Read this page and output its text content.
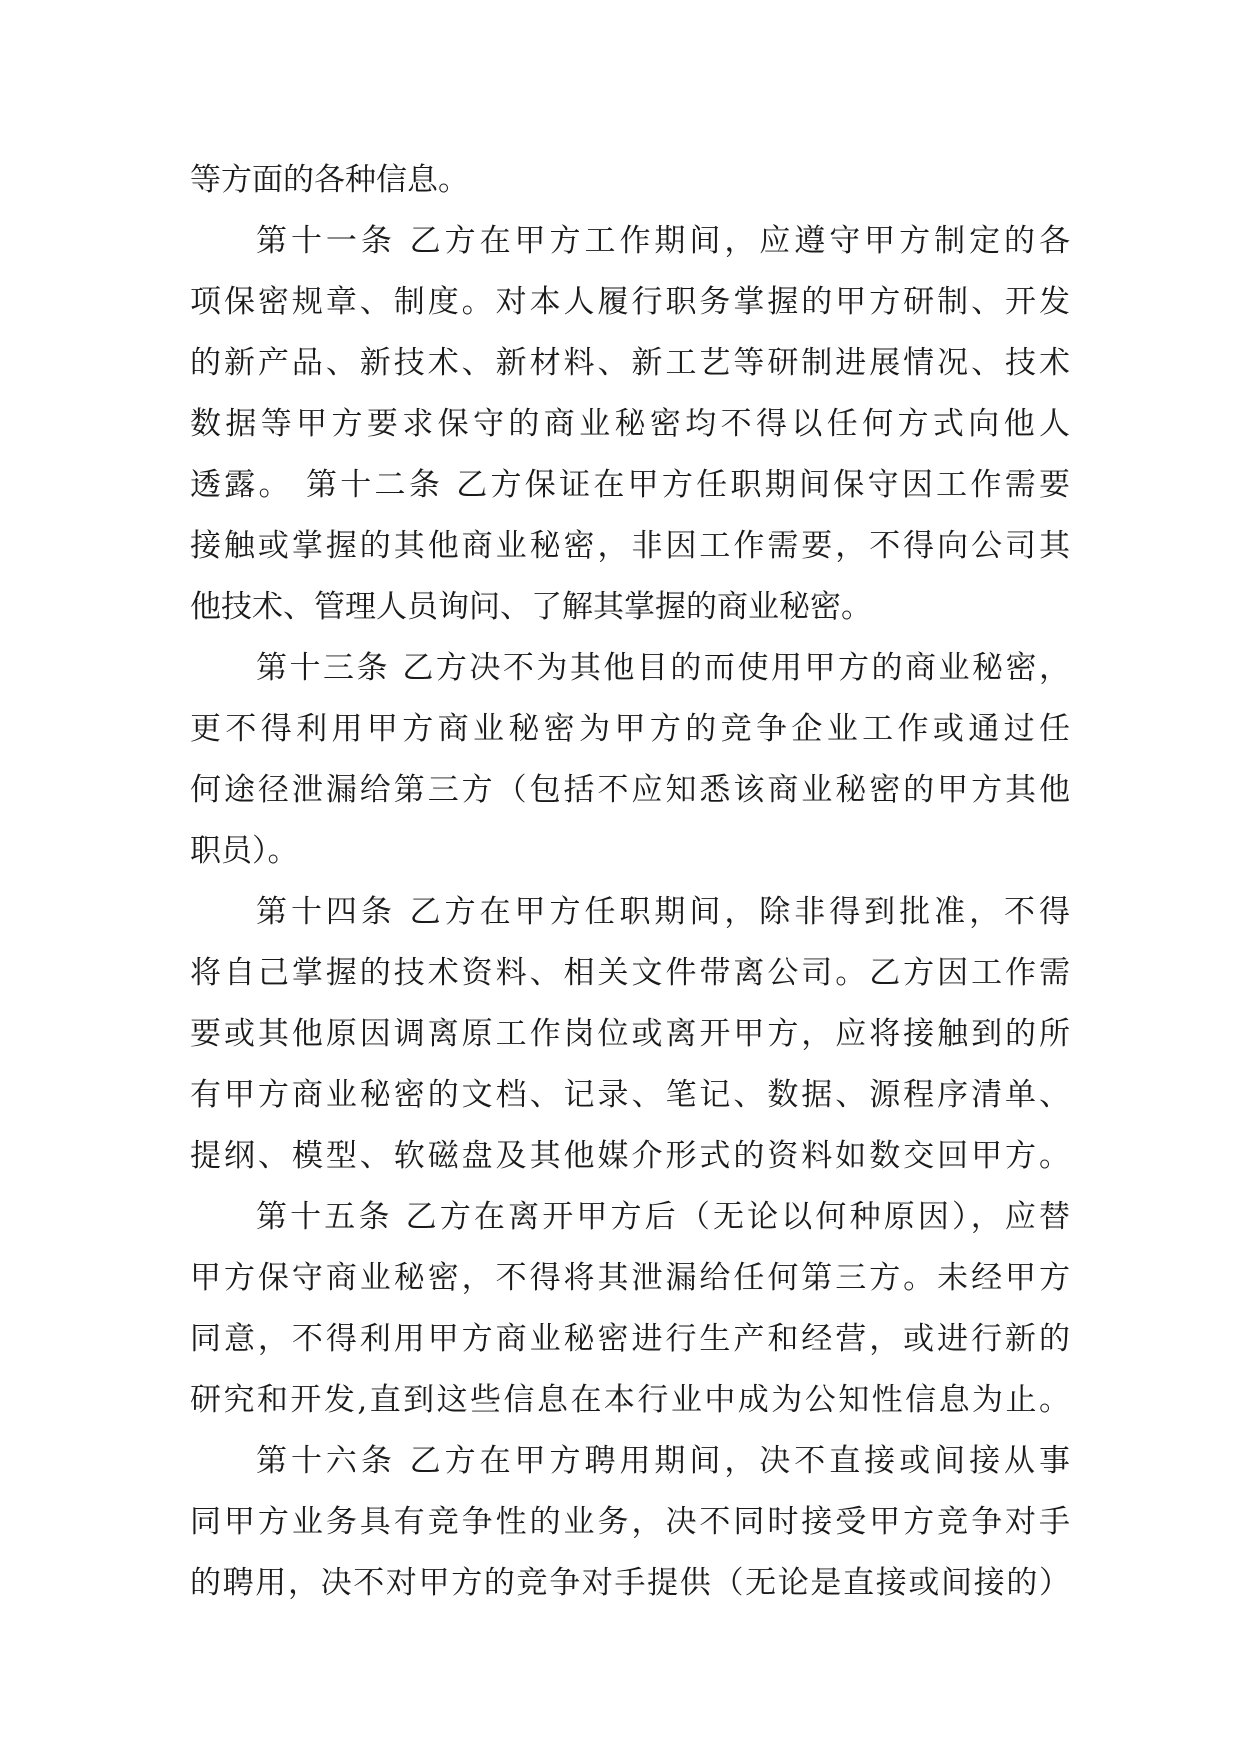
等方面的各种信息。
第十一条 乙方在甲方工作期间，应遵守甲方制定的各
项保密规章、制度。对本人履行职务掌握的甲方研制、开发
的新产品、新技术、新材料、新工艺等研制进展情况、技术
数据等甲方要求保守的商业秘密均不得以任何方式向他人
透露。 第十二条 乙方保证在甲方任职期间保守因工作需要
接触或掌握的其他商业秘密，非因工作需要，不得向公司其
他技术、管理人员询问、了解其掌握的商业秘密。
第十三条 乙方决不为其他目的而使用甲方的商业秘密，
更不得利用甲方商业秘密为甲方的竞争企业工作或通过任
何途径泄漏给第三方（包括不应知悉该商业秘密的甲方其他
职员）。
第十四条 乙方在甲方任职期间，除非得到批准，不得
将自己掌握的技术资料、相关文件带离公司。乙方因工作需
要或其他原因调离原工作岗位或离开甲方，应将接触到的所
有甲方商业秘密的文档、记录、笔记、数据、源程序清单、
提纲、模型、软磁盘及其他媒介形式的资料如数交回甲方。
第十五条 乙方在离开甲方后（无论以何种原因），应替
甲方保守商业秘密，不得将其泄漏给任何第三方。未经甲方
同意，不得利用甲方商业秘密进行生产和经营，或进行新的
研究和开发,直到这些信息在本行业中成为公知性信息为止。
第十六条 乙方在甲方聘用期间，决不直接或间接从事
同甲方业务具有竞争性的业务，决不同时接受甲方竞争对手
的聘用，决不对甲方的竞争对手提供（无论是直接或间接的）
